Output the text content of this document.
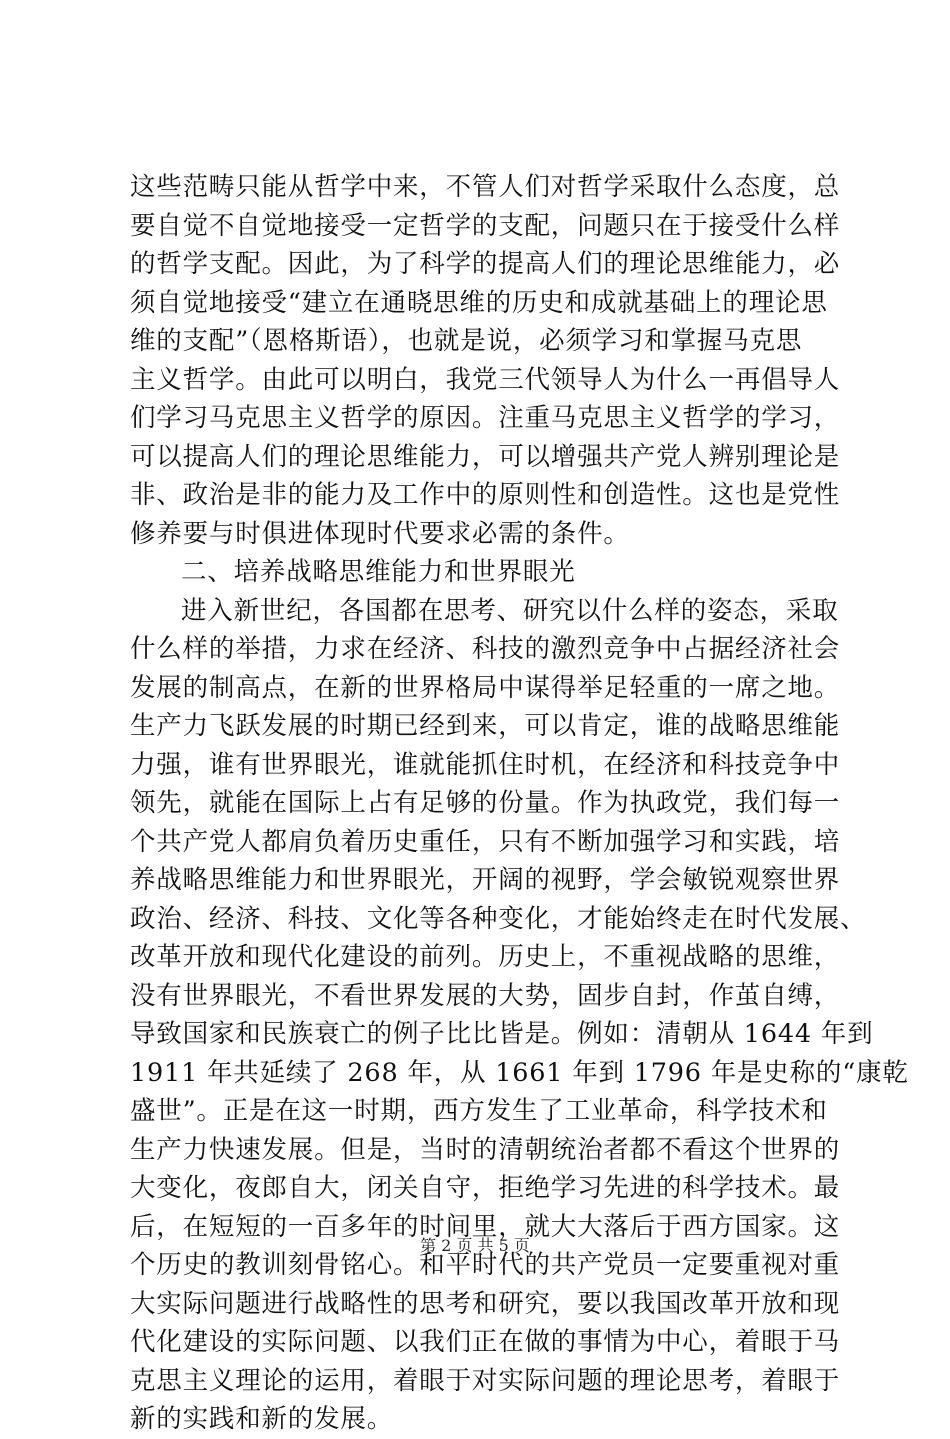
这些范畴只能从哲学中来，不管人们对哲学采取什么态度，总
要自觉不自觉地接受一定哲学的支配，问题只在于接受什么样
的哲学支配。因此，为了科学的提高人们的理论思维能力，必
须自觉地接受“建立在通晓思维的历史和成就基础上的理论思
维的支配”（恩格斯语），也就是说，必须学习和掌握马克思
主义哲学。由此可以明白，我党三代领导人为什么一再倡导人
们学习马克思主义哲学的原因。注重马克思主义哲学的学习，
可以提高人们的理论思维能力，可以增强共产党人辨别理论是
非、政治是非的能力及工作中的原则性和创造性。这也是党性
修养要与时俱进体现时代要求必需的条件。
二、培养战略思维能力和世界眼光
进入新世纪，各国都在思考、研究以什么样的姿态，采取
什么样的举措，力求在经济、科技的激烈竞争中占据经济社会
发展的制高点，在新的世界格局中谋得举足轻重的一席之地。
生产力飞跃发展的时期已经到来，可以肯定，谁的战略思维能
力强，谁有世界眼光，谁就能抓住时机，在经济和科技竞争中
领先，就能在国际上占有足够的份量。作为执政党，我们每一
个共产党人都肩负着历史重任，只有不断加强学习和实践，培
养战略思维能力和世界眼光，开阔的视野，学会敏锐观察世界
政治、经济、科技、文化等各种变化，才能始终走在时代发展、
改革开放和现代化建设的前列。历史上，不重视战略的思维，
没有世界眼光，不看世界发展的大势，固步自封，作茧自缚，
导致国家和民族衰亡的例子比比皆是。例如：清朝从 1644 年到
1911 年共延续了 268 年，从 1661 年到 1796 年是史称的“康乾
盛世”。正是在这一时期，西方发生了工业革命，科学技术和
生产力快速发展。但是，当时的清朝统治者都不看这个世界的
大变化，夜郎自大，闭关自守，拒绝学习先进的科学技术。最
后，在短短的一百多年的时间里，就大大落后于西方国家。这
个历史的教训刻骨铭心。和平时代的共产党员一定要重视对重
大实际问题进行战略性的思考和研究，要以我国改革开放和现
代化建设的实际问题、以我们正在做的事情为中心，着眼于马
克思主义理论的运用，着眼于对实际问题的理论思考，着眼于
新的实践和新的发展。
第 2 页 共 5 页
